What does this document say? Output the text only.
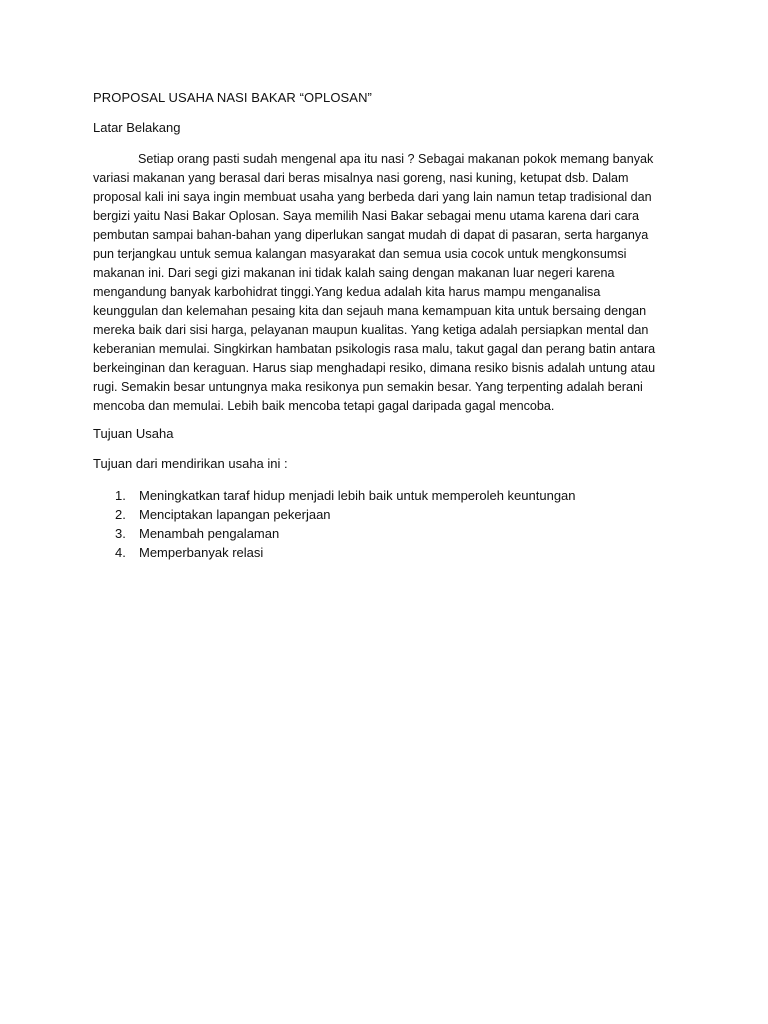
PROPOSAL USAHA NASI BAKAR “OPLOSAN”
Latar Belakang
Setiap orang pasti sudah mengenal apa itu nasi ? Sebagai makanan pokok memang banyak
variasi makanan yang berasal dari beras misalnya nasi goreng, nasi kuning, ketupat dsb. Dalam
proposal kali ini saya ingin membuat usaha yang berbeda dari yang lain namun tetap tradisional dan
bergizi yaitu Nasi Bakar Oplosan. Saya memilih Nasi Bakar sebagai menu utama karena dari cara
pembutan sampai bahan-bahan yang diperlukan sangat mudah di dapat di pasaran, serta harganya
pun terjangkau untuk semua kalangan masyarakat dan semua usia cocok untuk mengkonsumsi
makanan ini. Dari segi gizi makanan ini tidak kalah saing dengan makanan luar negeri karena
mengandung banyak karbohidrat tinggi.Yang kedua adalah kita harus mampu menganalisa
keunggulan dan kelemahan pesaing kita dan sejauh mana kemampuan kita untuk bersaing dengan
mereka baik dari sisi harga, pelayanan maupun kualitas. Yang ketiga adalah persiapkan mental dan
keberanian memulai. Singkirkan hambatan psikologis rasa malu, takut gagal dan perang batin antara
berkeinginan dan keraguan. Harus siap menghadapi resiko, dimana resiko bisnis adalah untung atau
rugi. Semakin besar untungnya maka resikonya pun semakin besar. Yang terpenting adalah berani
mencoba dan memulai. Lebih baik mencoba tetapi gagal daripada gagal mencoba.
Tujuan Usaha
Tujuan dari mendirikan usaha ini :
1.	Meningkatkan taraf hidup menjadi lebih baik untuk memperoleh keuntungan
2.	Menciptakan lapangan pekerjaan
3.	Menambah pengalaman
4.	Memperbanyak relasi
